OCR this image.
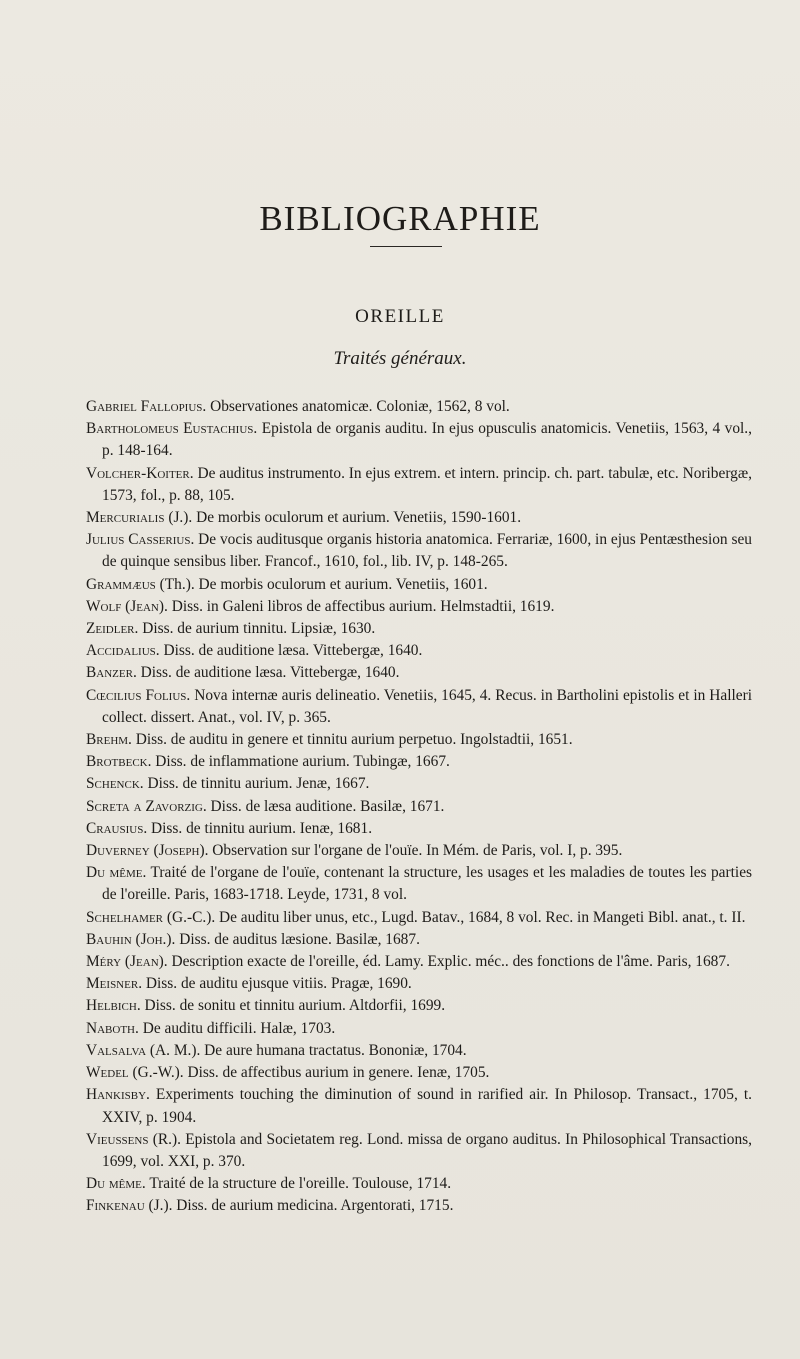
BIBLIOGRAPHIE
OREILLE
Traités généraux.
Gabriel Fallopius. Observationes anatomicæ. Coloniæ, 1562, 8 vol.
Bartholomeus Eustachius. Epistola de organis auditu. In ejus opusculis anatomicis. Venetiis, 1563, 4 vol., p. 148-164.
Volcher-Koiter. De auditus instrumento. In ejus extrem. et intern. princip. ch. part. tabulæ, etc. Noribergæ, 1573, fol., p. 88, 105.
Mercurialis (J.). De morbis oculorum et aurium. Venetiis, 1590-1601.
Julius Casserius. De vocis auditusque organis historia anatomica. Ferrariæ, 1600, in ejus Pentæsthesion seu de quinque sensibus liber. Francof., 1610, fol., lib. IV, p. 148-265.
Grammæus (Th.). De morbis oculorum et aurium. Venetiis, 1601.
Wolf (Jean). Diss. in Galeni libros de affectibus aurium. Helmstadtii, 1619.
Zeidler. Diss. de aurium tinnitu. Lipsiæ, 1630.
Accidalius. Diss. de auditione læsa. Vittebergæ, 1640.
Banzer. Diss. de auditione læsa. Vittebergæ, 1640.
Cœcilius Folius. Nova internæ auris delineatio. Venetiis, 1645, 4. Recus. in Bartholini epistolis et in Halleri collect. dissert. Anat., vol. IV, p. 365.
Brehm. Diss. de auditu in genere et tinnitu aurium perpetuo. Ingolstadtii, 1651.
Brotbeck. Diss. de inflammatione aurium. Tubingæ, 1667.
Schenck. Diss. de tinnitu aurium. Jenæ, 1667.
Screta a Zavorzig. Diss. de læsa auditione. Basilæ, 1671.
Crausius. Diss. de tinnitu aurium. Ienæ, 1681.
Duverney (Joseph). Observation sur l'organe de l'ouïe. In Mém. de Paris, vol. I, p. 395.
Du même. Traité de l'organe de l'ouïe, contenant la structure, les usages et les maladies de toutes les parties de l'oreille. Paris, 1683-1718. Leyde, 1731, 8 vol.
Schelhamer (G.-C.). De auditu liber unus, etc., Lugd. Batav., 1684, 8 vol. Rec. in Mangeti Bibl. anat., t. II.
Bauhin (Joh.). Diss. de auditus læsione. Basilæ, 1687.
Méry (Jean). Description exacte de l'oreille, éd. Lamy. Explic. méc.. des fonctions de l'âme. Paris, 1687.
Meisner. Diss. de auditu ejusque vitiis. Pragæ, 1690.
Helbich. Diss. de sonitu et tinnitu aurium. Altdorfii, 1699.
Naboth. De auditu difficili. Halæ, 1703.
Valsalva (A. M.). De aure humana tractatus. Bononiæ, 1704.
Wedel (G.-W.). Diss. de affectibus aurium in genere. Ienæ, 1705.
Hankisby. Experiments touching the diminution of sound in rarified air. In Philosop. Transact., 1705, t. XXIV, p. 1904.
Vieussens (R.). Epistola and Societatem reg. Lond. missa de organo auditus. In Philosophical Transactions, 1699, vol. XXI, p. 370.
Du même. Traité de la structure de l'oreille. Toulouse, 1714.
Finkenau (J.). Diss. de aurium medicina. Argentorati, 1715.
